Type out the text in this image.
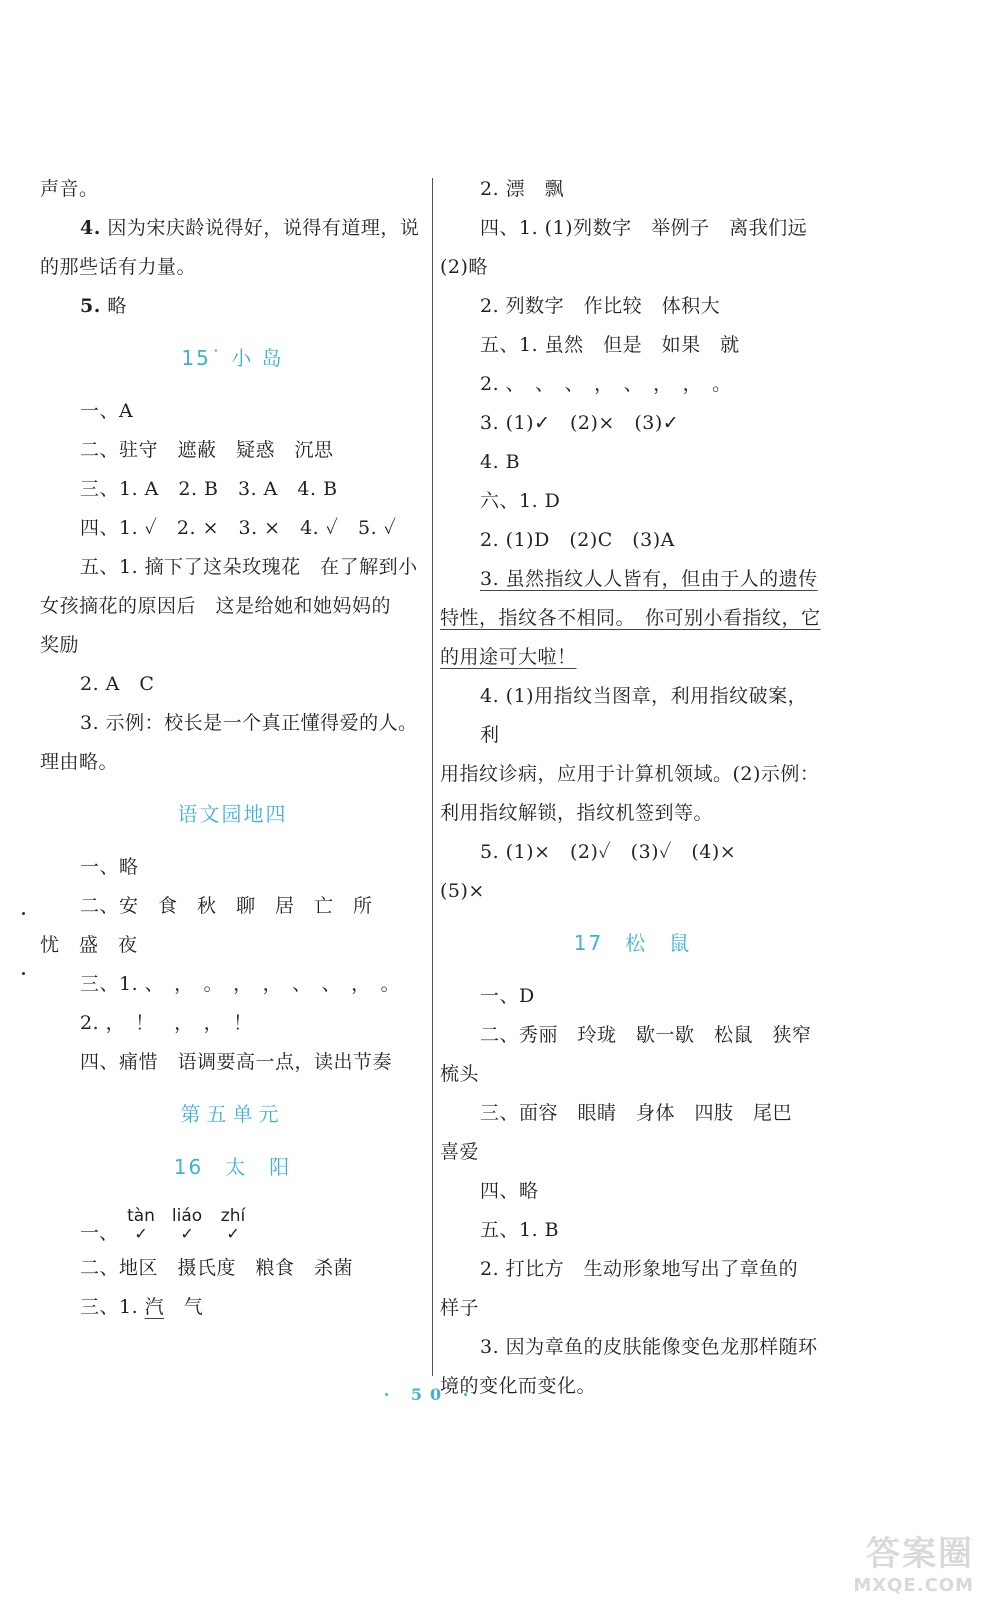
声音。
4. 因为宋庆龄说得好，说得有道理，说
的那些话有力量。
5. 略
15˙ 小 岛
一、A
二、驻守　遮蔽　疑惑　沉思
三、1. A　2. B　3. A　4. B
四、1. ✓　2. ×　3. ×　4. ✓　5. ✓
五、1. 摘下了这朵玫瑰花　在了解到小
女孩摘花的原因后　这是给她和她妈妈的
奖励
2. A　C
3. 示例：校长是一个真正懂得爱的人。
理由略。
语文园地四
一、略
二、安　食　秋　聊　居　亡　所
忧　盛　夜
三、1. 、　，　。　，　，　、　、　，　。
2. ，　！　，　，　！
四、痛惜　语调要高一点，读出节奏
第五单元
16　太　阳
一、tàn
✓
liáo
✓
zhí
✓
二、地区　摄氏度　粮食　杀菌
三、1. 汽　 气
2. 漂　飘
四、1. (1)列数字　举例子　离我们远
(2)略
2. 列数字　作比较　体积大
五、1. 虽然　但是　如果　就
2. 、　、　、　，　、　，　，　。
3. (1)✓　(2)×　(3)✓
4. B
六、1. D
2. (1)D　(2)C　(3)A
3. 虽然指纹人人皆有，但由于人的遗传
特性，指纹各不相同。　你可别小看指纹，它
的用途可大啦！
4. (1)用指纹当图章，利用指纹破案，利
用指纹诊病，应用于计算机领域。(2)示例：
利用指纹解锁，指纹机签到等。
5. (1)×　(2)✓　(3)✓　(4)×
(5)×
17　松　鼠
一、D
二、秀丽　玲珑　歇一歇　松鼠　狭窄
梳头
三、面容　眼睛　身体　四肢　尾巴
喜爱
四、略
五、1. B
2. 打比方　生动形象地写出了章鱼的
样子
3. 因为章鱼的皮肤能像变色龙那样随环
境的变化而变化。
· 50 ·
答案圈
MXQE.COM
